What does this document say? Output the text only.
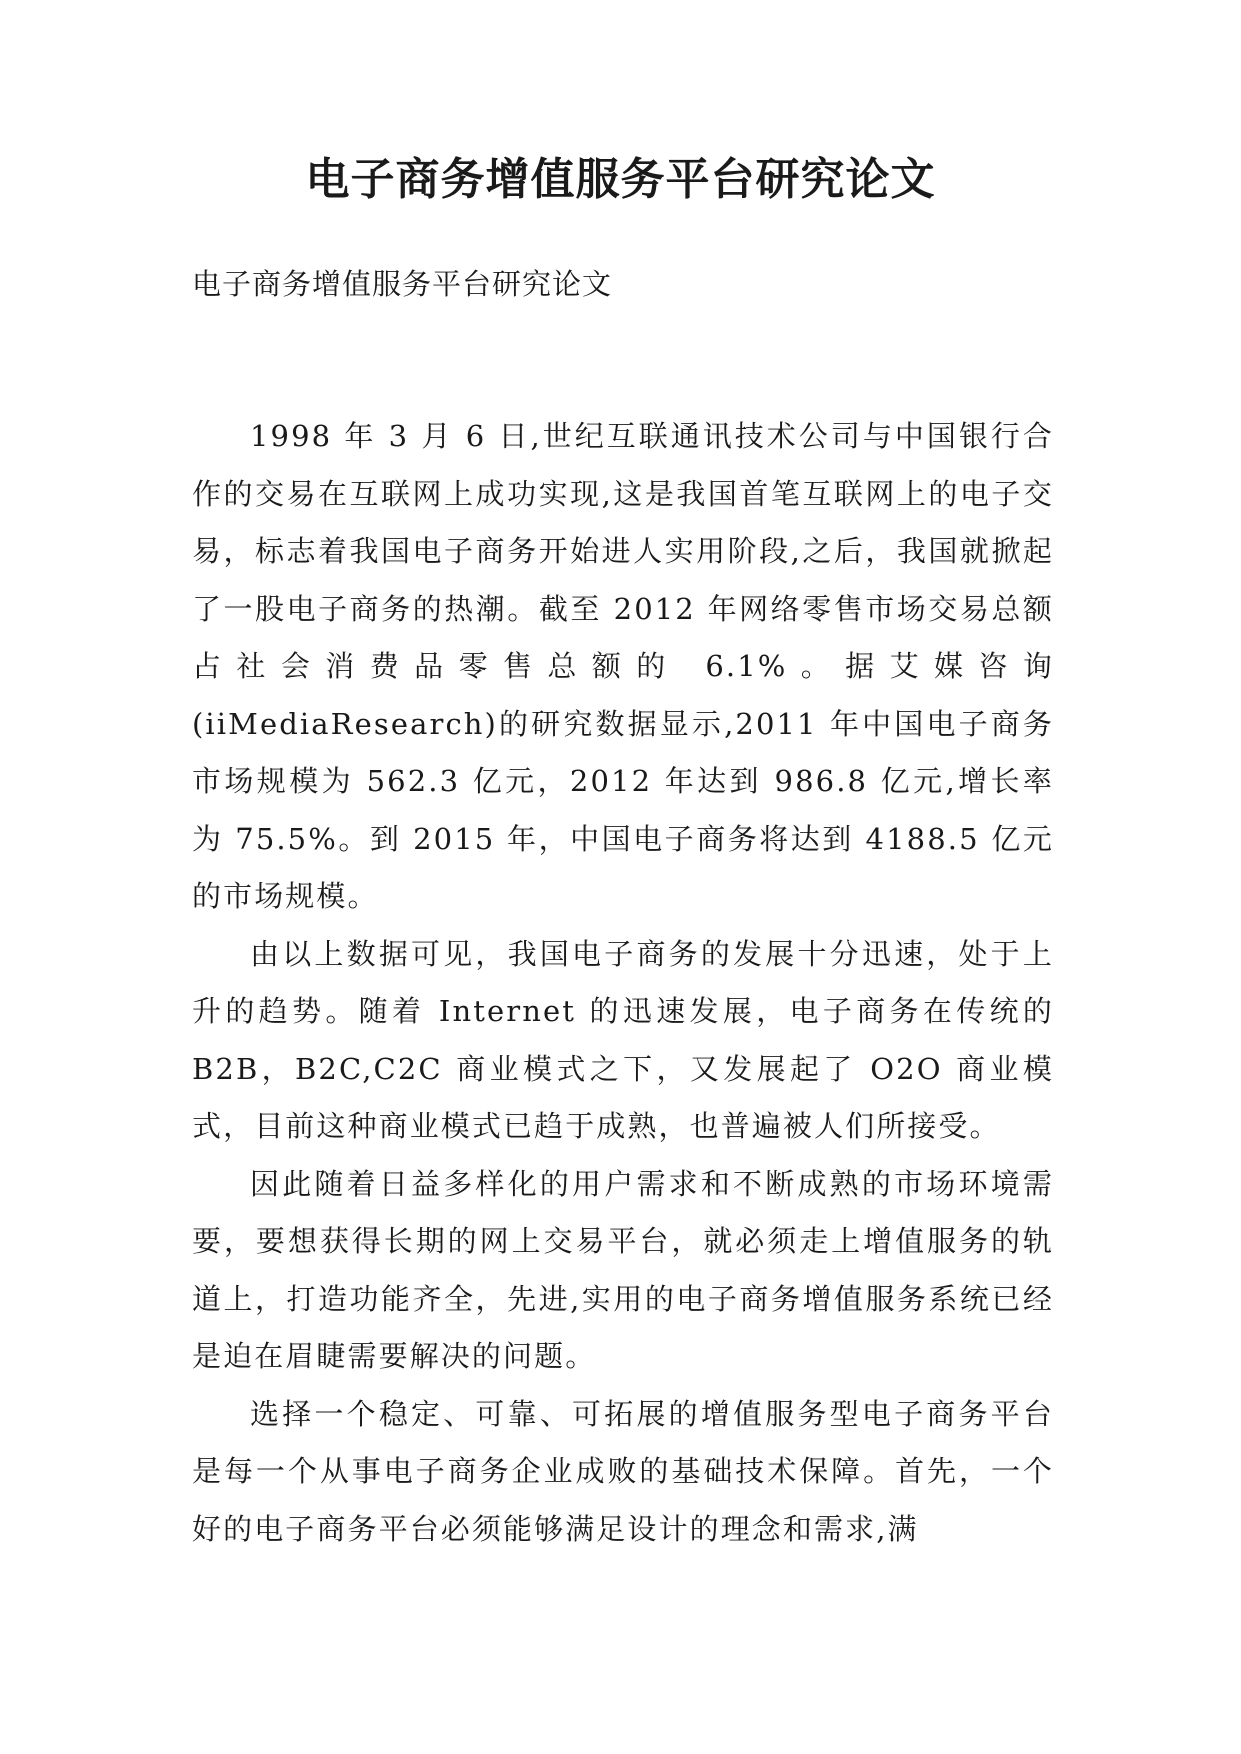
电子商务增值服务平台研究论文

电子商务增值服务平台研究论文

1998 年 3 月 6 日,世纪互联通讯技术公司与中国银行合作的交易在互联网上成功实现,这是我国首笔互联网上的电子交易，标志着我国电子商务开始进人实用阶段,之后，我国就掀起了一股电子商务的热潮。截至 2012 年网络零售市场交易总额占社会消费品零售总额的 6.1%。据艾媒咨询(iiMediaResearch)的研究数据显示,2011 年中国电子商务市场规模为 562.3 亿元，2012 年达到 986.8 亿元,增长率为 75.5%。到 2015 年，中国电子商务将达到 4188.5 亿元的市场规模。

由以上数据可见，我国电子商务的发展十分迅速，处于上升的趋势。随着 Internet 的迅速发展，电子商务在传统的 B2B，B2C,C2C 商业模式之下，又发展起了 O2O 商业模式，目前这种商业模式已趋于成熟，也普遍被人们所接受。

因此随着日益多样化的用户需求和不断成熟的市场环境需要，要想获得长期的网上交易平台，就必须走上增值服务的轨道上，打造功能齐全，先进,实用的电子商务增值服务系统已经是迫在眉睫需要解决的问题。

选择一个稳定、可靠、可拓展的增值服务型电子商务平台是每一个从事电子商务企业成败的基础技术保障。首先，一个好的电子商务平台必须能够满足设计的理念和需求,满
